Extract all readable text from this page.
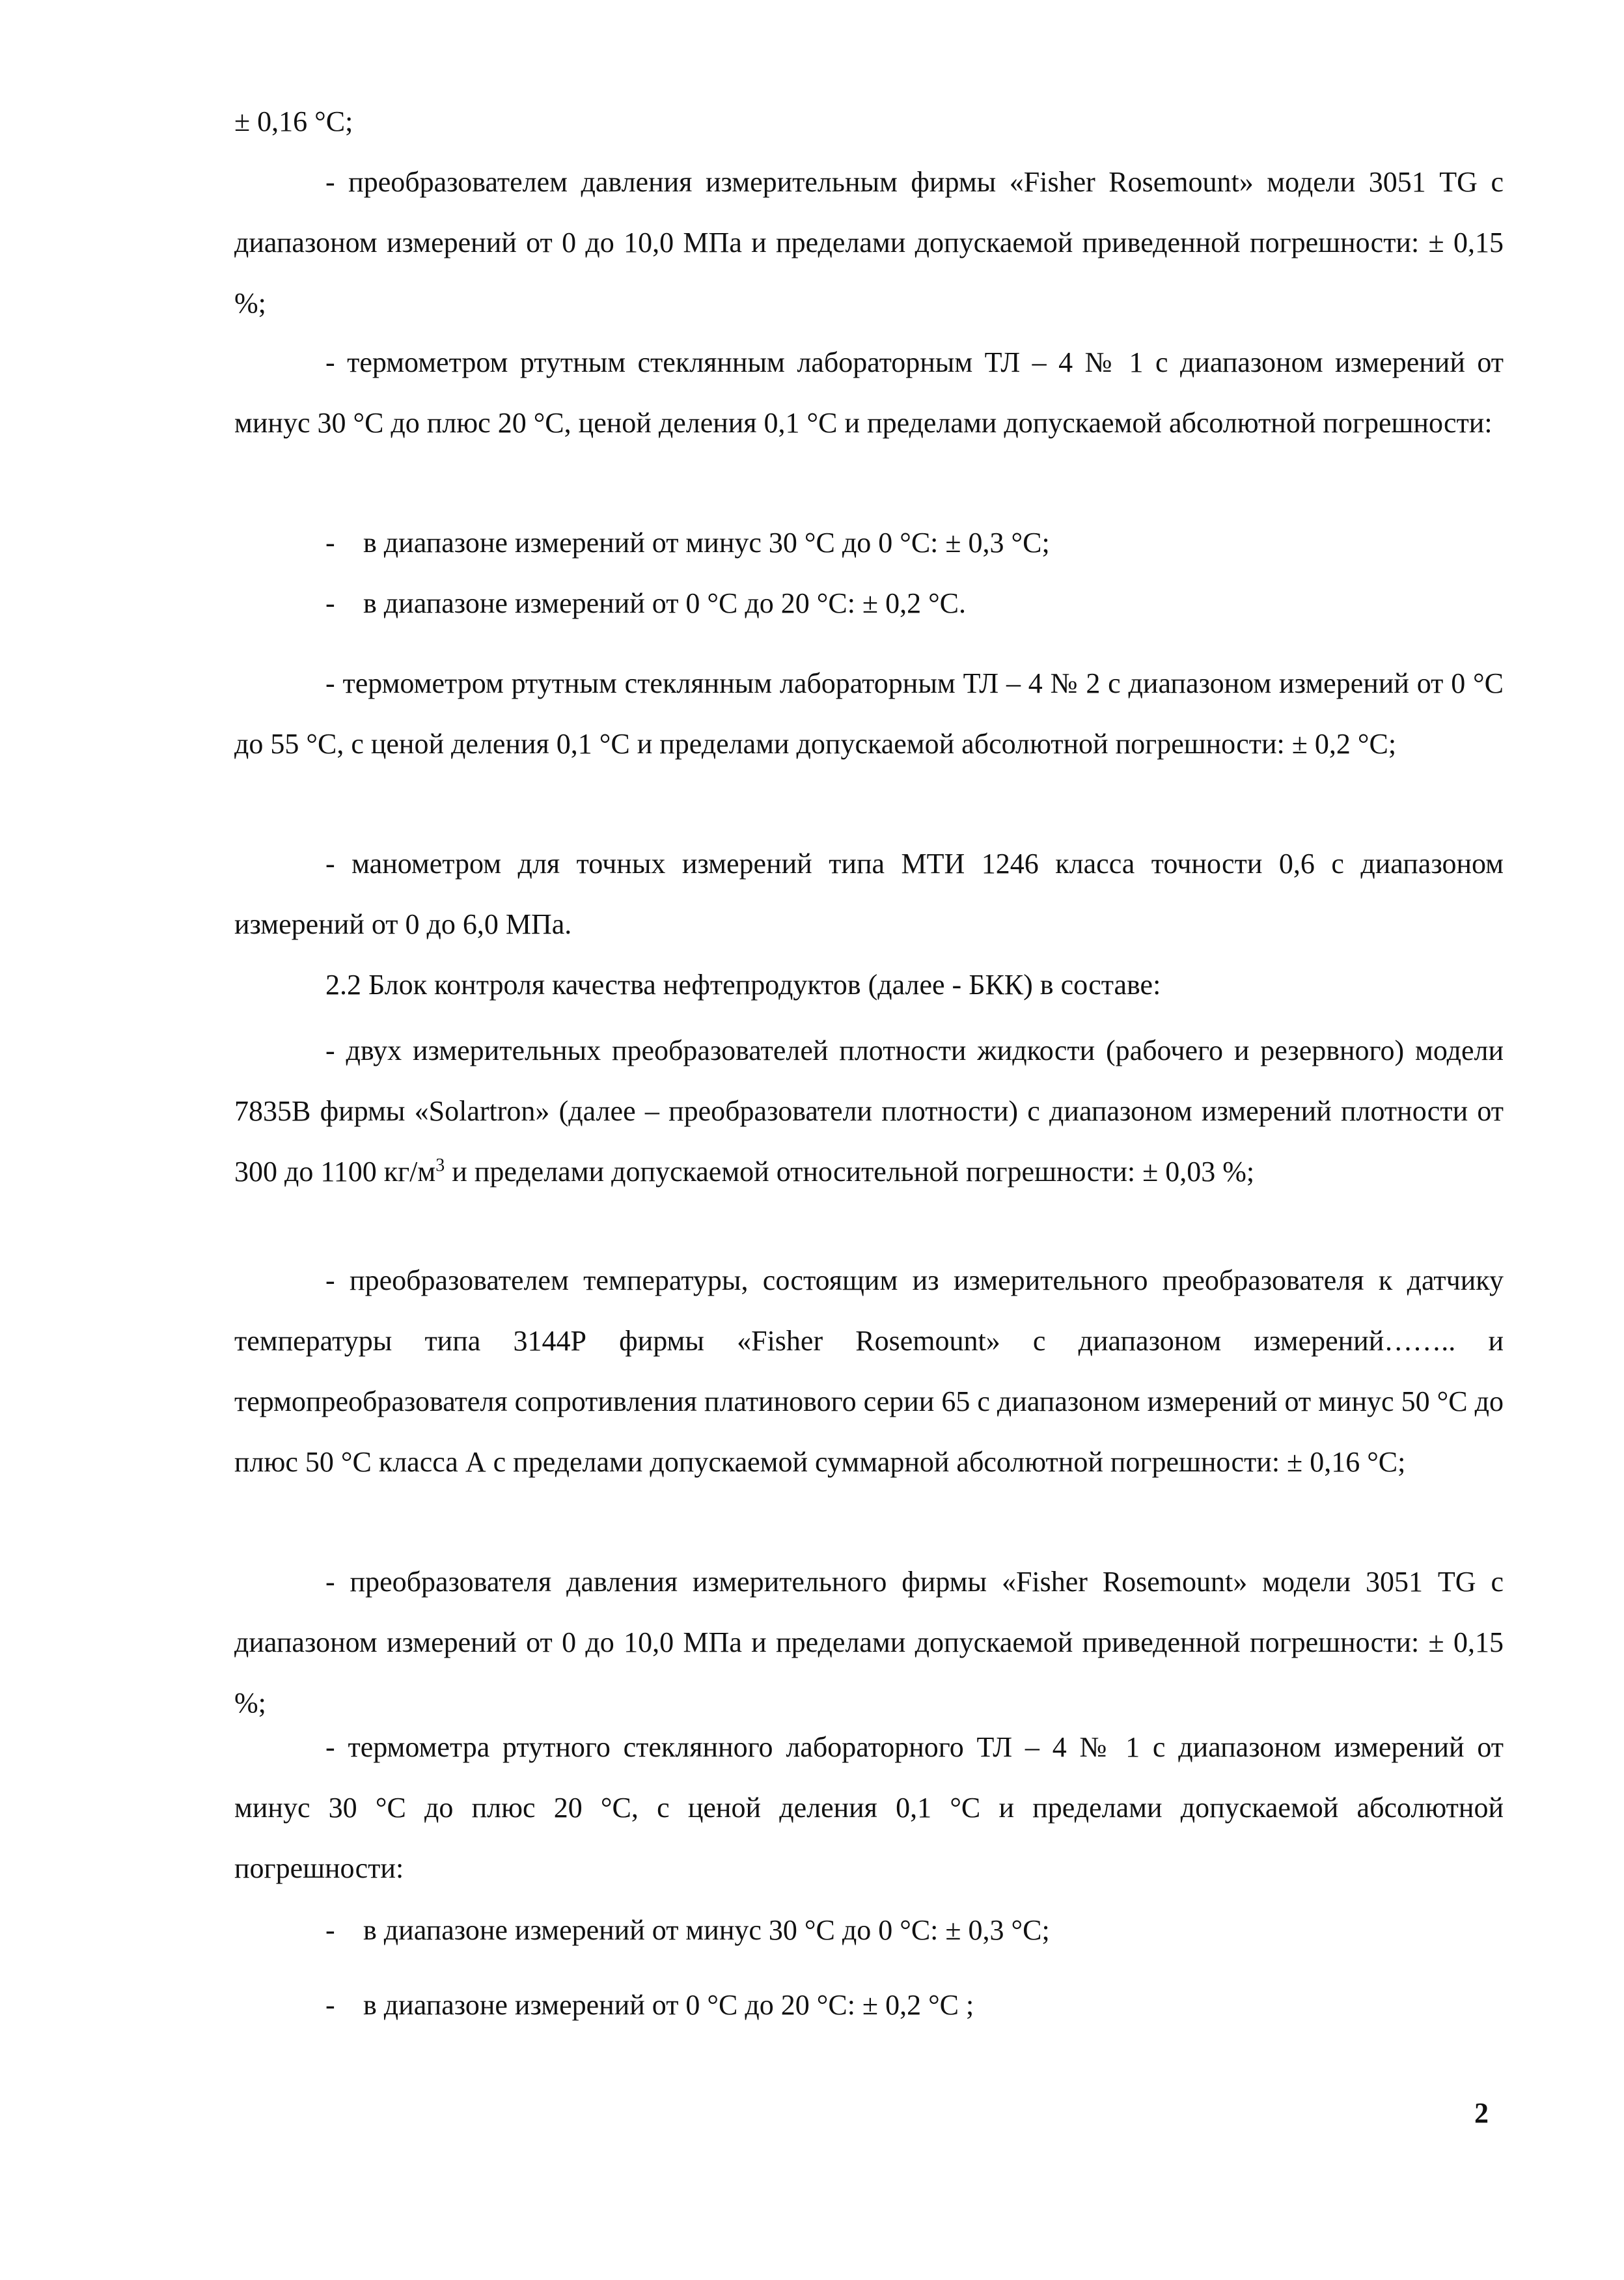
± 0,16 °С;

- преобразователем давления измерительным фирмы «Fisher Rosemount» модели 3051 TG с диапазоном измерений от 0 до 10,0 МПа и пределами допускаемой приведенной погрешности: ± 0,15 %;

- термометром ртутным стеклянным лабораторным ТЛ – 4 № 1 с диапазоном измерений от минус 30 °С до плюс 20 °С, ценой деления 0,1 °С и пределами допускаемой абсолютной погрешности:

- в диапазоне измерений от минус 30 °С до 0 °С: ± 0,3 °С;

- в диапазоне измерений от 0 °С до 20 °С: ± 0,2 °С.

- термометром ртутным стеклянным лабораторным ТЛ – 4 № 2 с диапазоном измерений от 0 °С до 55 °С, с ценой деления 0,1 °С и пределами допускаемой абсолютной погрешности: ± 0,2 °С;

- манометром для точных измерений типа МТИ 1246 класса точности 0,6 с диапазоном измерений от 0 до 6,0 МПа.

2.2 Блок контроля качества нефтепродуктов (далее - БКК) в составе:

- двух измерительных преобразователей плотности жидкости (рабочего и резервного) модели 7835В фирмы «Solartron» (далее – преобразователи плотности) с диапазоном измерений плотности от 300 до 1100 $кг/м^3$ и пределами допускаемой относительной погрешности: ± 0,03 %;

- преобразователем температуры, состоящим из измерительного преобразователя к датчику температуры типа 3144Р фирмы «Fisher Rosemount» с диапазоном измерений…….. и термопреобразователя сопротивления платинового серии 65 с диапазоном измерений от минус 50 °С до плюс 50 °С класса А с пределами допускаемой суммарной абсолютной погрешности: ± 0,16 °С;

- преобразователя давления измерительного фирмы «Fisher Rosemount» модели 3051 TG с диапазоном измерений от 0 до 10,0 МПа и пределами допускаемой приведенной погрешности: ± 0,15 %;

- термометра ртутного стеклянного лабораторного ТЛ – 4 № 1 с диапазоном измерений от минус 30 °С до плюс 20 °С, с ценой деления 0,1 °С и пределами допускаемой абсолютной погрешности:

- в диапазоне измерений от минус 30 °С до 0 °С: ± 0,3 °С;

- в диапазоне измерений от 0 °С до 20 °С: ± 0,2 °С ;

2
